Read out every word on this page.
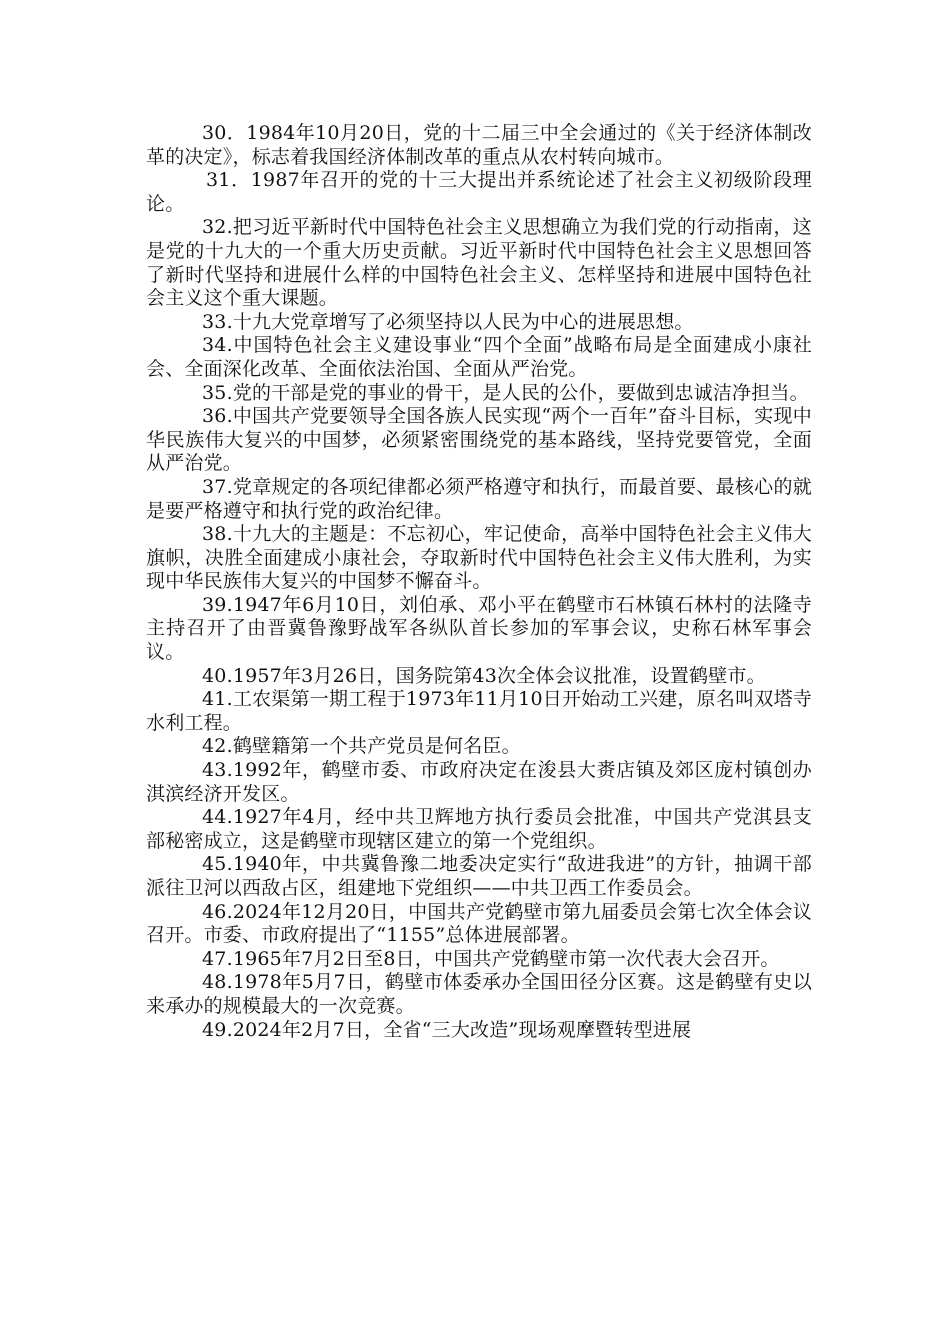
30．1984年10月20日，党的十二届三中全会通过的《关于经济体制改革的决定》，标志着我国经济体制改革的重点从农村转向城市。

31．1987年召开的党的十三大提出并系统论述了社会主义初级阶段理论。

32.把习近平新时代中国特色社会主义思想确立为我们党的行动指南，这是党的十九大的一个重大历史贡献。习近平新时代中国特色社会主义思想回答了新时代坚持和进展什么样的中国特色社会主义、怎样坚持和进展中国特色社会主义这个重大课题。

33.十九大党章增写了必须坚持以人民为中心的进展思想。

34.中国特色社会主义建设事业“四个全面”战略布局是全面建成小康社会、全面深化改革、全面依法治国、全面从严治党。

35.党的干部是党的事业的骨干，是人民的公仆，要做到忠诚洁净担当。

36.中国共产党要领导全国各族人民实现“两个一百年”奋斗目标，实现中华民族伟大复兴的中国梦，必须紧密围绕党的基本路线，坚持党要管党，全面从严治党。

37.党章规定的各项纪律都必须严格遵守和执行，而最首要、最核心的就是要严格遵守和执行党的政治纪律。

38.十九大的主题是：不忘初心，牢记使命，高举中国特色社会主义伟大旗帜，决胜全面建成小康社会，夺取新时代中国特色社会主义伟大胜利，为实现中华民族伟大复兴的中国梦不懈奋斗。

39.1947年6月10日，刘伯承、邓小平在鹤壁市石林镇石林村的法隆寺主持召开了由晋冀鲁豫野战军各纵队首长参加的军事会议，史称石林军事会议。

40.1957年3月26日，国务院第43次全体会议批准，设置鹤壁市。

41.工农渠第一期工程于1973年11月10日开始动工兴建，原名叫双塔寺水利工程。

42.鹤壁籍第一个共产党员是何名臣。

43.1992年，鹤壁市委、市政府决定在浚县大赉店镇及郊区庞村镇创办淇滨经济开发区。

44.1927年4月，经中共卫辉地方执行委员会批准，中国共产党淇县支部秘密成立，这是鹤壁市现辖区建立的第一个党组织。

45.1940年，中共冀鲁豫二地委决定实行“敌进我进”的方针，抽调干部派往卫河以西敌占区，组建地下党组织——中共卫西工作委员会。

46.2024年12月20日，中国共产党鹤壁市第九届委员会第七次全体会议召开。市委、市政府提出了“1155”总体进展部署。

47.1965年7月2日至8日，中国共产党鹤壁市第一次代表大会召开。

48.1978年5月7日，鹤壁市体委承办全国田径分区赛。这是鹤壁有史以来承办的规模最大的一次竞赛。

49.2024年2月7日，全省“三大改造”现场观摩暨转型进展
